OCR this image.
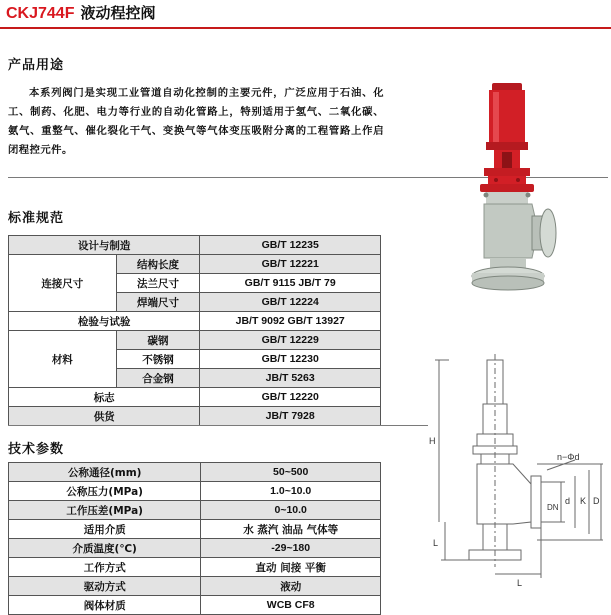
CKJ744F 液动程控阀
产品用途

本系列阀门是实现工业管道自动化控制的主要元件，广泛应用于石油、化工、制药、化肥、电力等行业的自动化管路上，特别适用于氢气、二氧化碳、氨气、重整气、催化裂化干气、变换气等气体变压吸附分离的工程管路上作启闭程控元件。

标准规范
设计与制造		GB/T 12235
连接尺寸	结构长度	GB/T 12221
	法兰尺寸	GB/T 9115 JB/T 79
	焊端尺寸	GB/T 12224
检验与试验		JB/T 9092 GB/T 13927
材料	碳钢	GB/T 12229
	不锈钢	GB/T 12230
	合金钢	JB/T 5263
标志		GB/T 12220
供货		JB/T 7928
技术参数
公称通径(mm)	50~500
公称压力(MPa)	1.0~10.0
工作压差(MPa)	0~10.0
适用介质	水 蒸汽 油品 气体等
介质温度(℃)	-29~180
工作方式	直动 间接 平衡
驱动方式	液动
阀体材质	WCB CF8
H
L
L
n−Φd
DN
d K D
